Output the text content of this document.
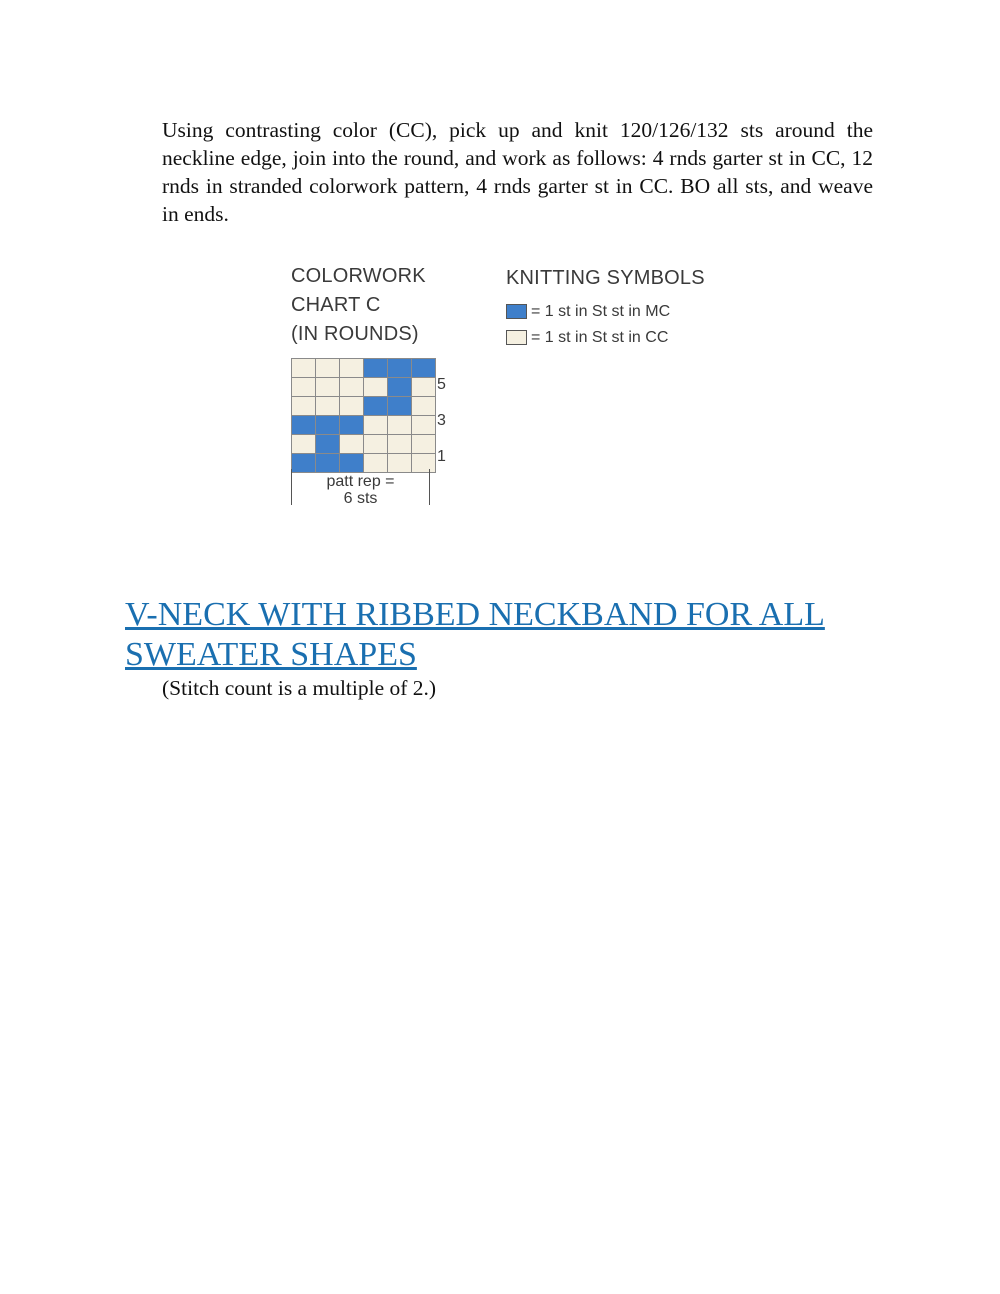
Using contrasting color (CC), pick up and knit 120/126/132 sts around the neckline edge, join into the round, and work as follows: 4 rnds garter st in CC, 12 rnds in stranded colorwork pattern, 4 rnds garter st in CC. BO all sts, and weave in ends.

COLORWORK
CHART C
(IN ROUNDS)
5
3
1
patt rep =
6 sts
KNITTING SYMBOLS
= 1 st in St st in MC
= 1 st in St st in CC
V-NECK WITH RIBBED NECKBAND FOR ALL SWEATER SHAPES
(Stitch count is a multiple of 2.)
